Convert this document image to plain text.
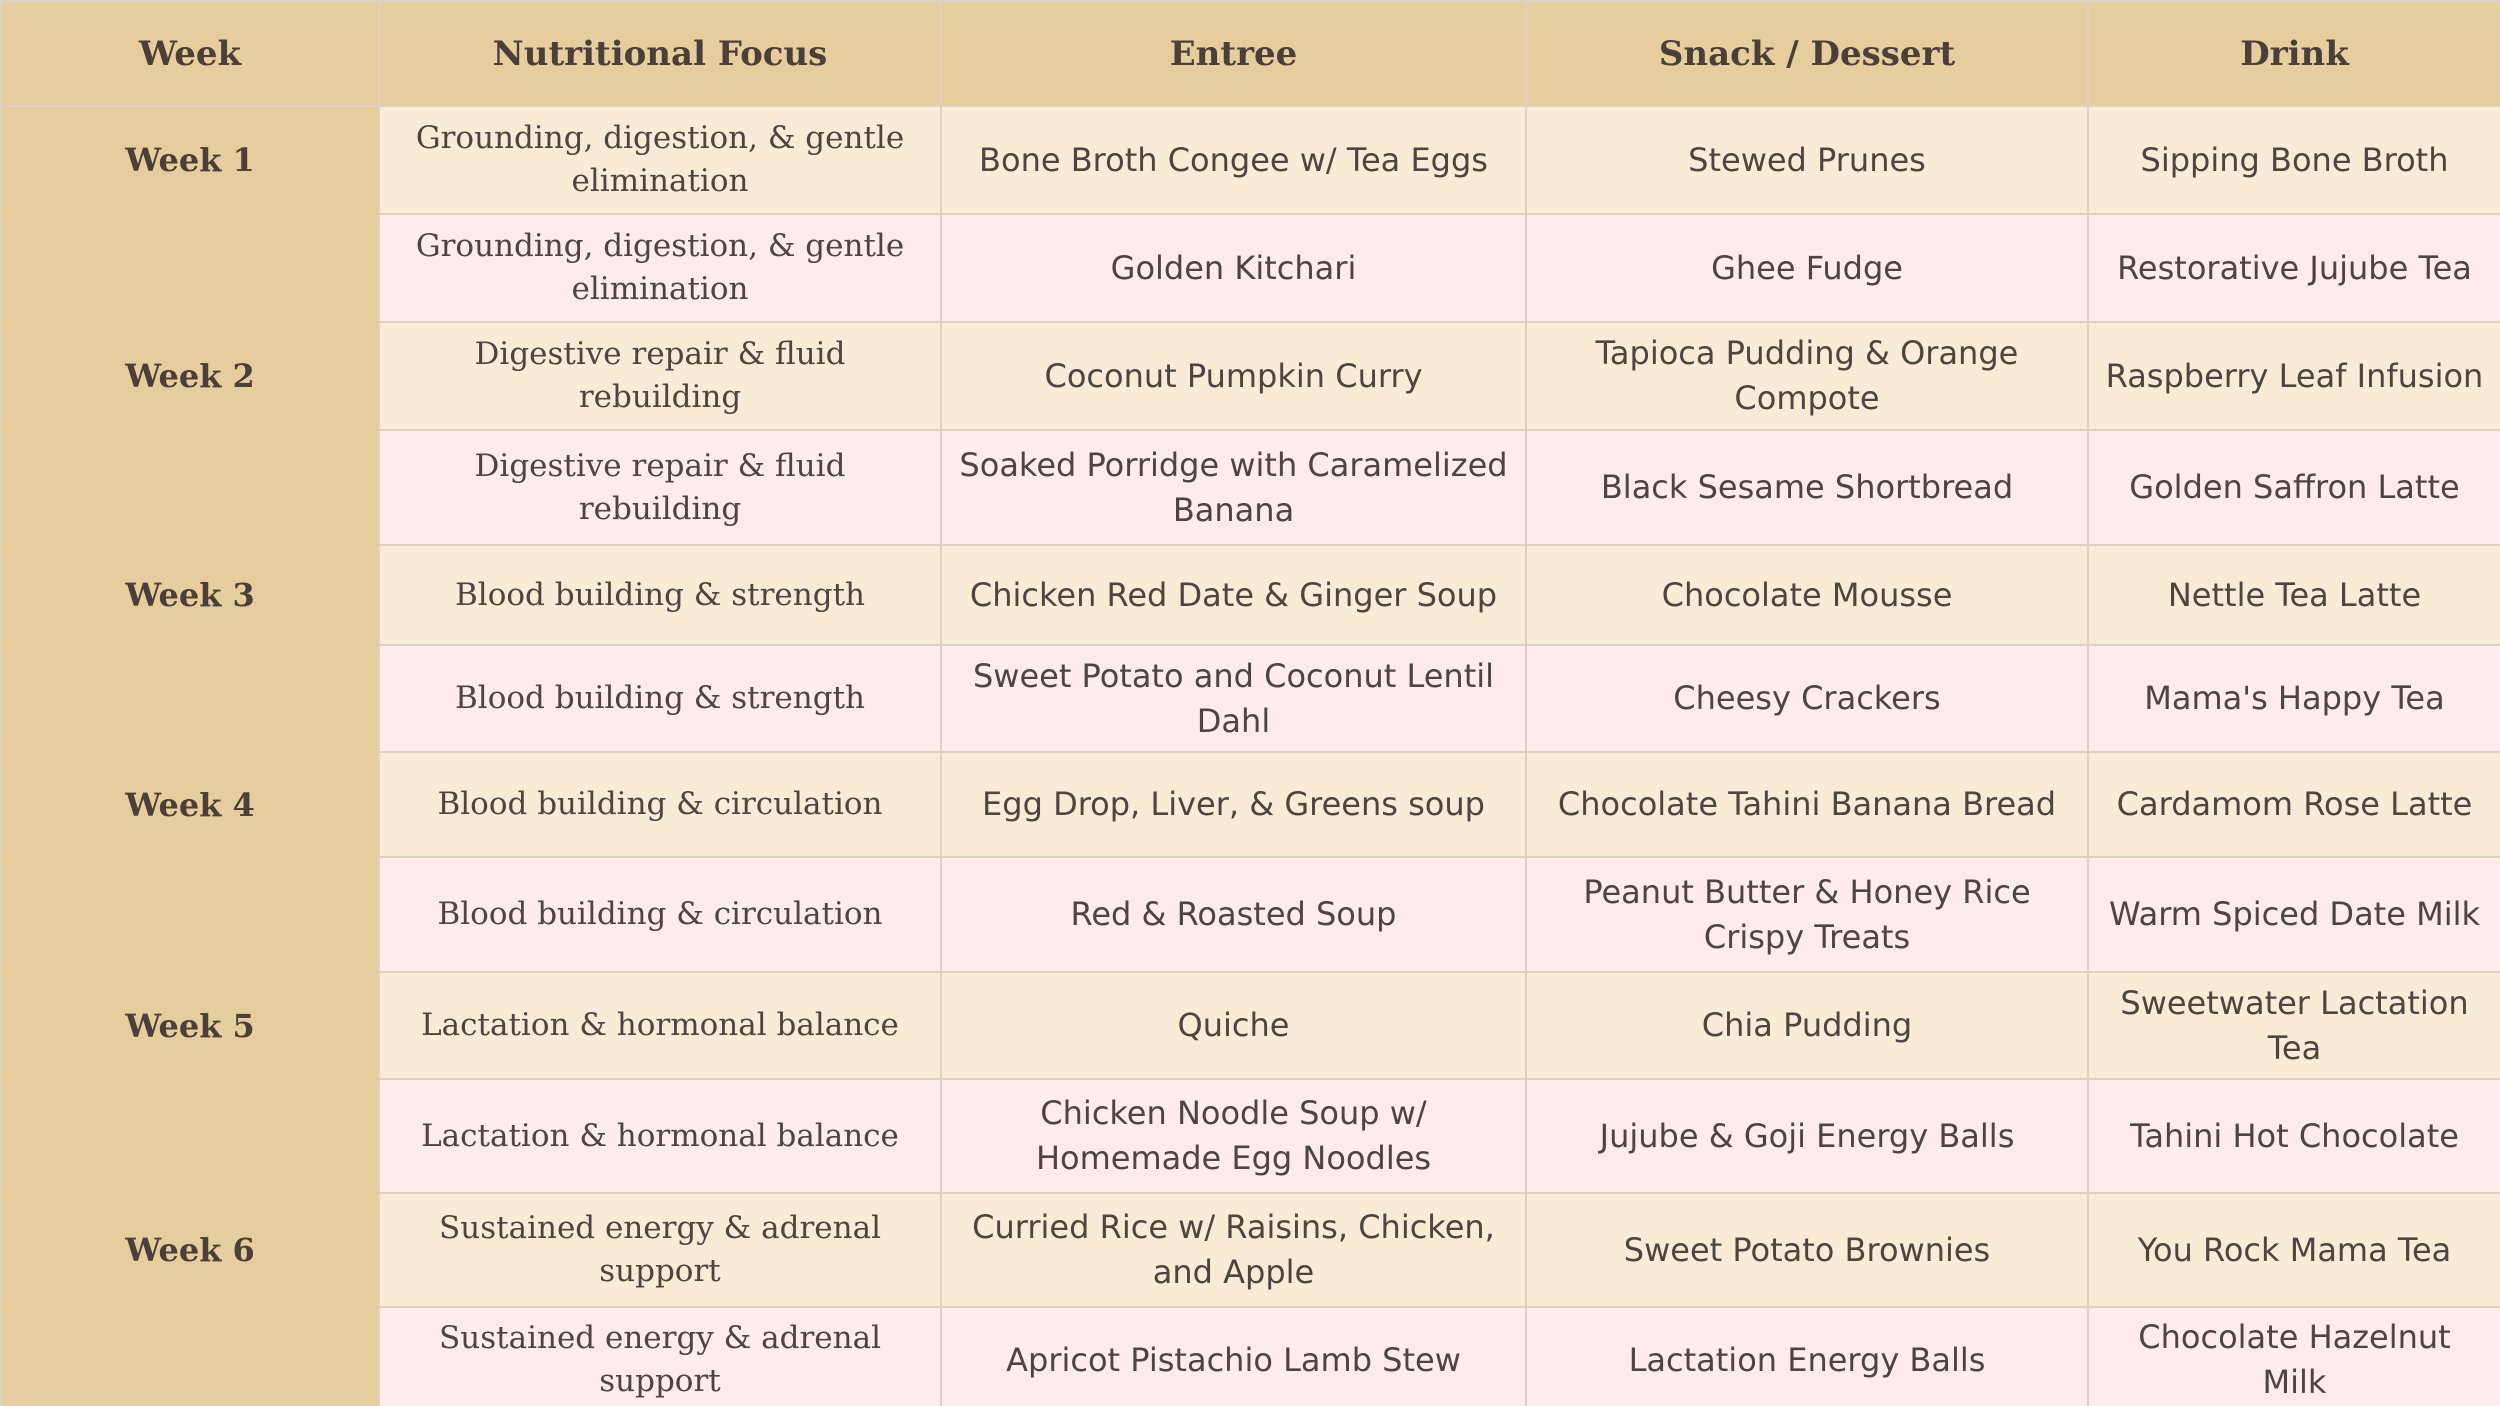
Week	Nutritional Focus	Entree	Snack / Dessert	Drink
Week 1	Grounding, digestion, & gentle elimination	Bone Broth Congee w/ Tea Eggs	Stewed Prunes	Sipping Bone Broth
	Grounding, digestion, & gentle elimination	Golden Kitchari	Ghee Fudge	Restorative Jujube Tea
Week 2	Digestive repair & fluid rebuilding	Coconut Pumpkin Curry	Tapioca Pudding & Orange Compote	Raspberry Leaf Infusion
	Digestive repair & fluid rebuilding	Soaked Porridge with Caramelized Banana	Black Sesame Shortbread	Golden Saffron Latte
Week 3	Blood building & strength	Chicken Red Date & Ginger Soup	Chocolate Mousse	Nettle Tea Latte
	Blood building & strength	Sweet Potato and Coconut Lentil Dahl	Cheesy Crackers	Mama's Happy Tea
Week 4	Blood building & circulation	Egg Drop, Liver, & Greens soup	Chocolate Tahini Banana Bread	Cardamom Rose Latte
	Blood building & circulation	Red & Roasted Soup	Peanut Butter & Honey Rice Crispy Treats	Warm Spiced Date Milk
Week 5	Lactation & hormonal balance	Quiche	Chia Pudding	Sweetwater Lactation Tea
	Lactation & hormonal balance	Chicken Noodle Soup w/ Homemade Egg Noodles	Jujube & Goji Energy Balls	Tahini Hot Chocolate
Week 6	Sustained energy & adrenal support	Curried Rice w/ Raisins, Chicken, and Apple	Sweet Potato Brownies	You Rock Mama Tea
	Sustained energy & adrenal support	Apricot Pistachio Lamb Stew	Lactation Energy Balls	Chocolate Hazelnut Milk
